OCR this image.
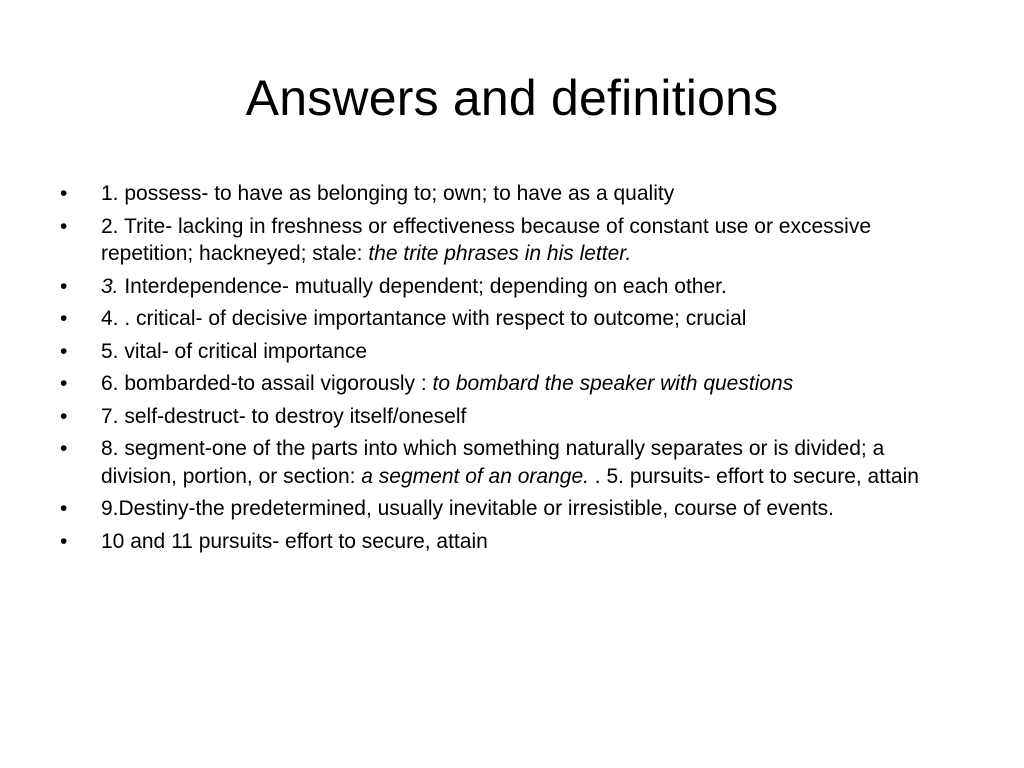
Answers and definitions
•	1. possess- to have as belonging to; own; to have as a quality
•	2. Trite- lacking in freshness or effectiveness because of constant use or excessive repetition; hackneyed; stale: the trite phrases in his letter.
•	3. Interdependence- mutually dependent; depending on each other.
•	4. . critical- of decisive importantance with respect to outcome; crucial
•	5. vital- of critical importance
•	6. bombarded-to assail vigorously : to bombard the speaker with questions
•	7. self-destruct- to destroy itself/oneself
•	8. segment-one of the parts into which something naturally separates or is divided; a division, portion, or section: a segment of an orange. . 5. pursuits- effort to secure, attain
•	9.Destiny-the predetermined, usually inevitable or irresistible, course of events.
•	10 and 11 pursuits- effort to secure, attain
